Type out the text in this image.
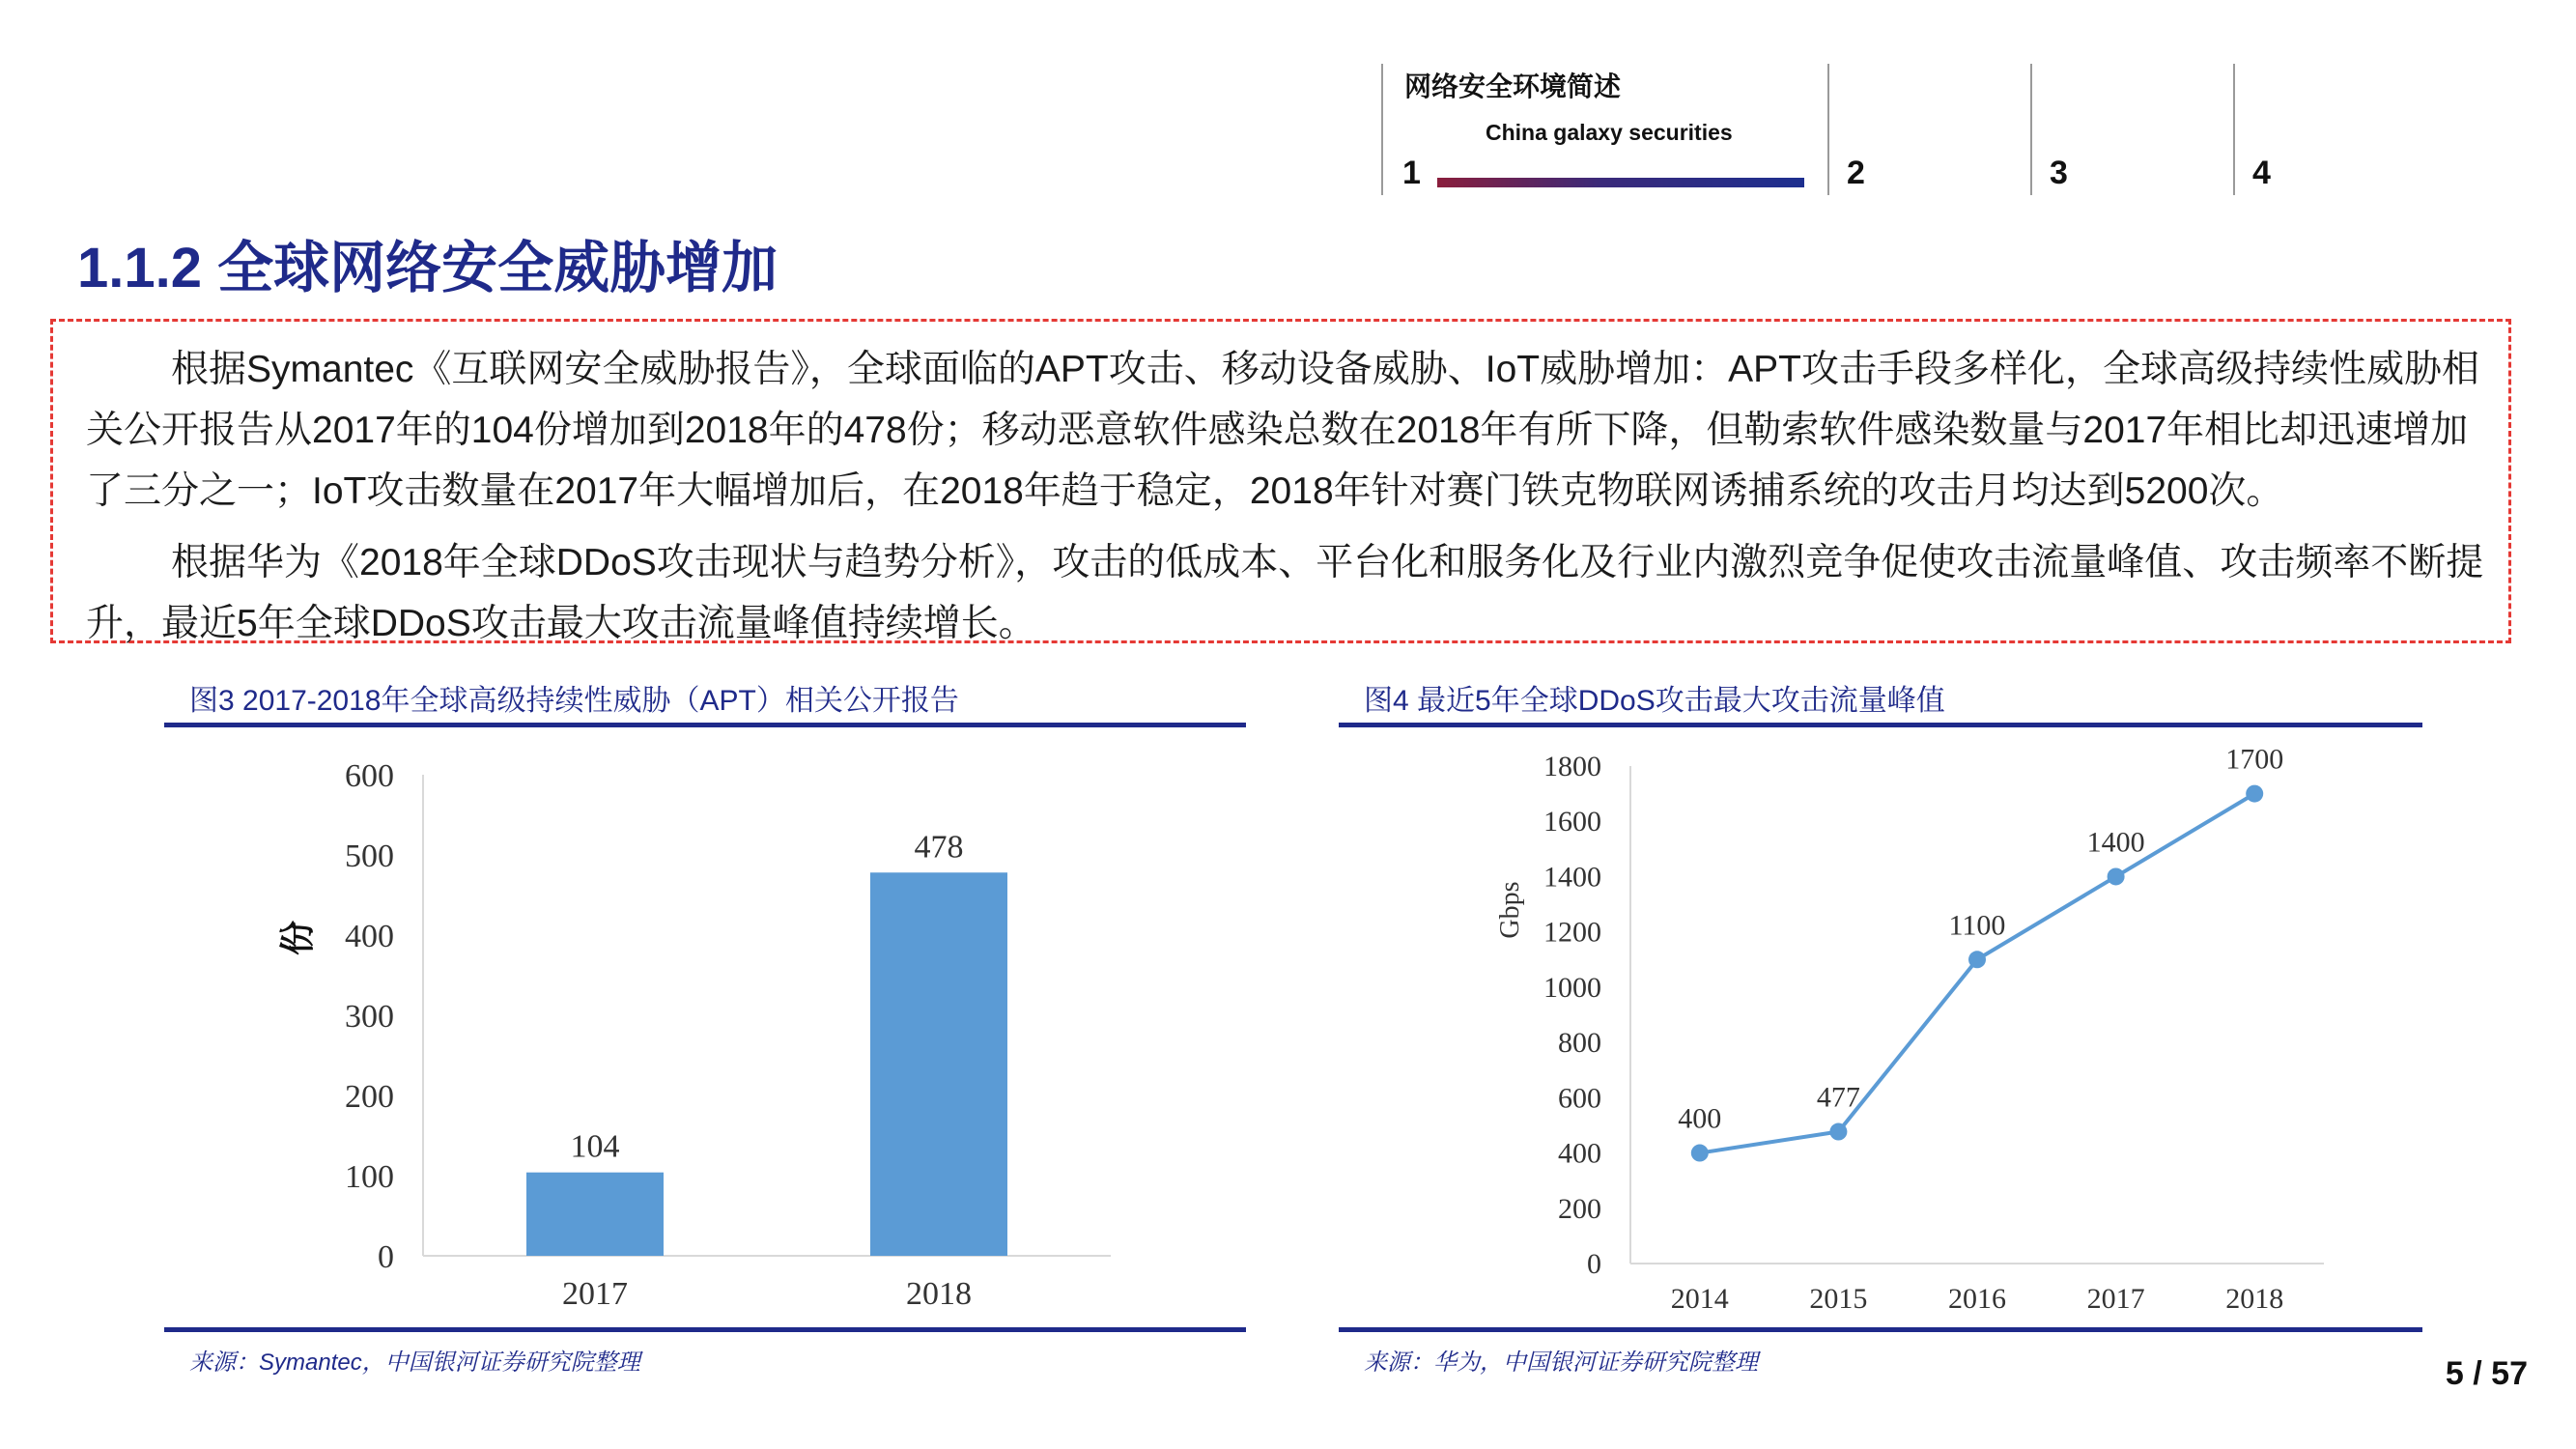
网络安全环境简述
China galaxy securities
1	2	3	4
1.1.2 全球网络安全威胁增加

根据Symantec《互联网安全威胁报告》，全球面临的APT攻击、移动设备威胁、IoT威胁增加：APT攻击手段多样化，全球高级持续性威胁相关公开报告从2017年的104份增加到2018年的478份；移动恶意软件感染总数在2018年有所下降，但勒索软件感染数量与2017年相比却迅速增加了三分之一；IoT攻击数量在2017年大幅增加后，在2018年趋于稳定，2018年针对赛门铁克物联网诱捕系统的攻击月均达到5200次。

根据华为《2018年全球DDoS攻击现状与趋势分析》，攻击的低成本、平台化和服务化及行业内激烈竞争促使攻击流量峰值、攻击频率不断提升，最近5年全球DDoS攻击最大攻击流量峰值持续增长。

图3 2017-2018年全球高级持续性威胁（APT）相关公开报告
0
100
200
300
400
500
600
104
2017
478
2018
份
来源：Symantec，中国银河证券研究院整理
图4 最近5年全球DDoS攻击最大攻击流量峰值
0
200
400
600
800
1000
1200
1400
1600
1800
400
2014
477
2015
1100
2016
1400
2017
1700
2018
Gbps
来源：华为，中国银河证券研究院整理	5 / 57
